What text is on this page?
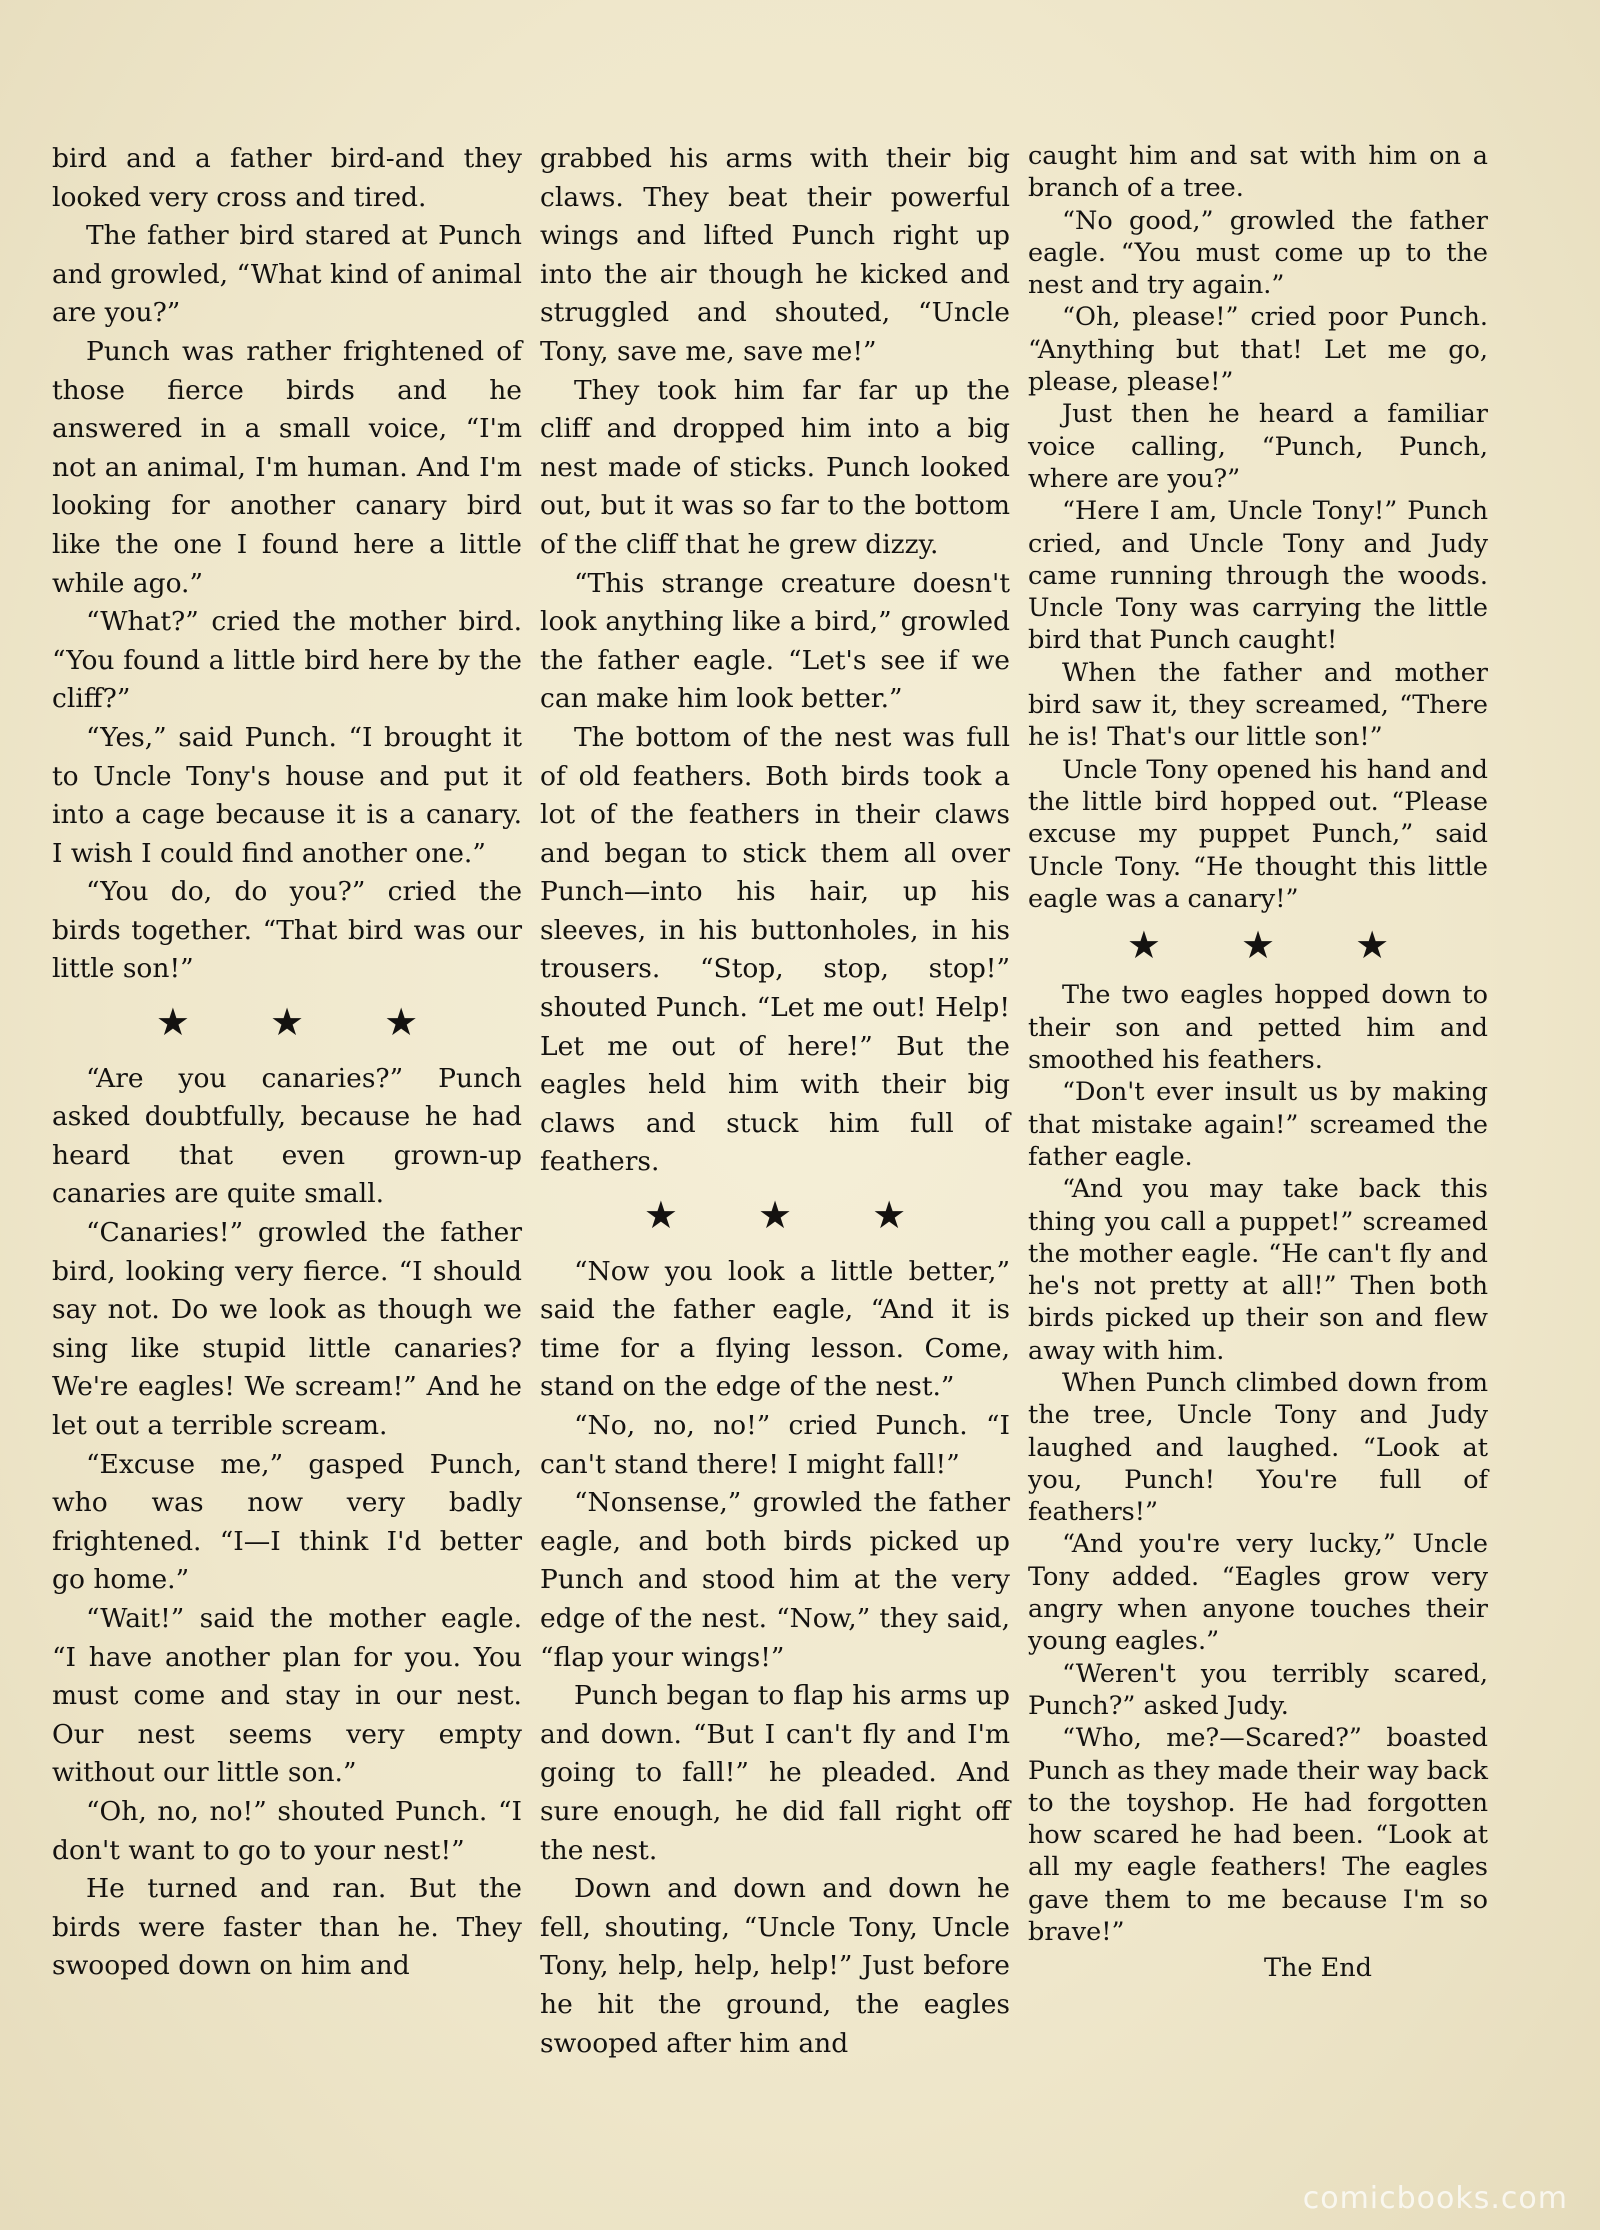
bird and a father bird-and they looked very cross and tired.

The father bird stared at Punch and growled, “What kind of animal are you?”

Punch was rather frightened of those fierce birds and he answered in a small voice, “I'm not an animal, I'm human. And I'm looking for another canary bird like the one I found here a little while ago.”

“What?” cried the mother bird. “You found a little bird here by the cliff?”

“Yes,” said Punch. “I brought it to Uncle Tony's house and put it into a cage because it is a canary. I wish I could find another one.”

“You do, do you?” cried the birds together. “That bird was our little son!”

★ ★ ★

“Are you canaries?” Punch asked doubtfully, because he had heard that even grown-up canaries are quite small.

“Canaries!” growled the father bird, looking very fierce. “I should say not. Do we look as though we sing like stupid little canaries? We're eagles! We scream!” And he let out a terrible scream.

“Excuse me,” gasped Punch, who was now very badly frightened. “I—I think I'd better go home.”

“Wait!” said the mother eagle. “I have another plan for you. You must come and stay in our nest. Our nest seems very empty without our little son.”

“Oh, no, no!” shouted Punch. “I don't want to go to your nest!”

He turned and ran. But the birds were faster than he. They swooped down on him and

grabbed his arms with their big claws. They beat their powerful wings and lifted Punch right up into the air though he kicked and struggled and shouted, “Uncle Tony, save me, save me!”

They took him far far up the cliff and dropped him into a big nest made of sticks. Punch looked out, but it was so far to the bottom of the cliff that he grew dizzy.

“This strange creature doesn't look anything like a bird,” growled the father eagle. “Let's see if we can make him look better.”

The bottom of the nest was full of old feathers. Both birds took a lot of the feathers in their claws and began to stick them all over Punch—into his hair, up his sleeves, in his buttonholes, in his trousers. “Stop, stop, stop!” shouted Punch. “Let me out! Help! Let me out of here!” But the eagles held him with their big claws and stuck him full of feathers.

★ ★ ★

“Now you look a little better,” said the father eagle, “And it is time for a flying lesson. Come, stand on the edge of the nest.”

“No, no, no!” cried Punch. “I can't stand there! I might fall!”

“Nonsense,” growled the father eagle, and both birds picked up Punch and stood him at the very edge of the nest. “Now,” they said, “flap your wings!”

Punch began to flap his arms up and down. “But I can't fly and I'm going to fall!” he pleaded. And sure enough, he did fall right off the nest.

Down and down and down he fell, shouting, “Uncle Tony, Uncle Tony, help, help, help!” Just before he hit the ground, the eagles swooped after him and

caught him and sat with him on a branch of a tree.

“No good,” growled the father eagle. “You must come up to the nest and try again.”

“Oh, please!” cried poor Punch. “Anything but that! Let me go, please, please!”

Just then he heard a familiar voice calling, “Punch, Punch, where are you?”

“Here I am, Uncle Tony!” Punch cried, and Uncle Tony and Judy came running through the woods. Uncle Tony was carrying the little bird that Punch caught!

When the father and mother bird saw it, they screamed, “There he is! That's our little son!”

Uncle Tony opened his hand and the little bird hopped out. “Please excuse my puppet Punch,” said Uncle Tony. “He thought this little eagle was a canary!”

★ ★ ★

The two eagles hopped down to their son and petted him and smoothed his feathers.

“Don't ever insult us by making that mistake again!” screamed the father eagle.

“And you may take back this thing you call a puppet!” screamed the mother eagle. “He can't fly and he's not pretty at all!” Then both birds picked up their son and flew away with him.

When Punch climbed down from the tree, Uncle Tony and Judy laughed and laughed. “Look at you, Punch! You're full of feathers!”

“And you're very lucky,” Uncle Tony added. “Eagles grow very angry when anyone touches their young eagles.”

“Weren't you terribly scared, Punch?” asked Judy.

“Who, me?—Scared?” boasted Punch as they made their way back to the toyshop. He had forgotten how scared he had been. “Look at all my eagle feathers! The eagles gave them to me because I'm so brave!”

The End

comicbooks.com
